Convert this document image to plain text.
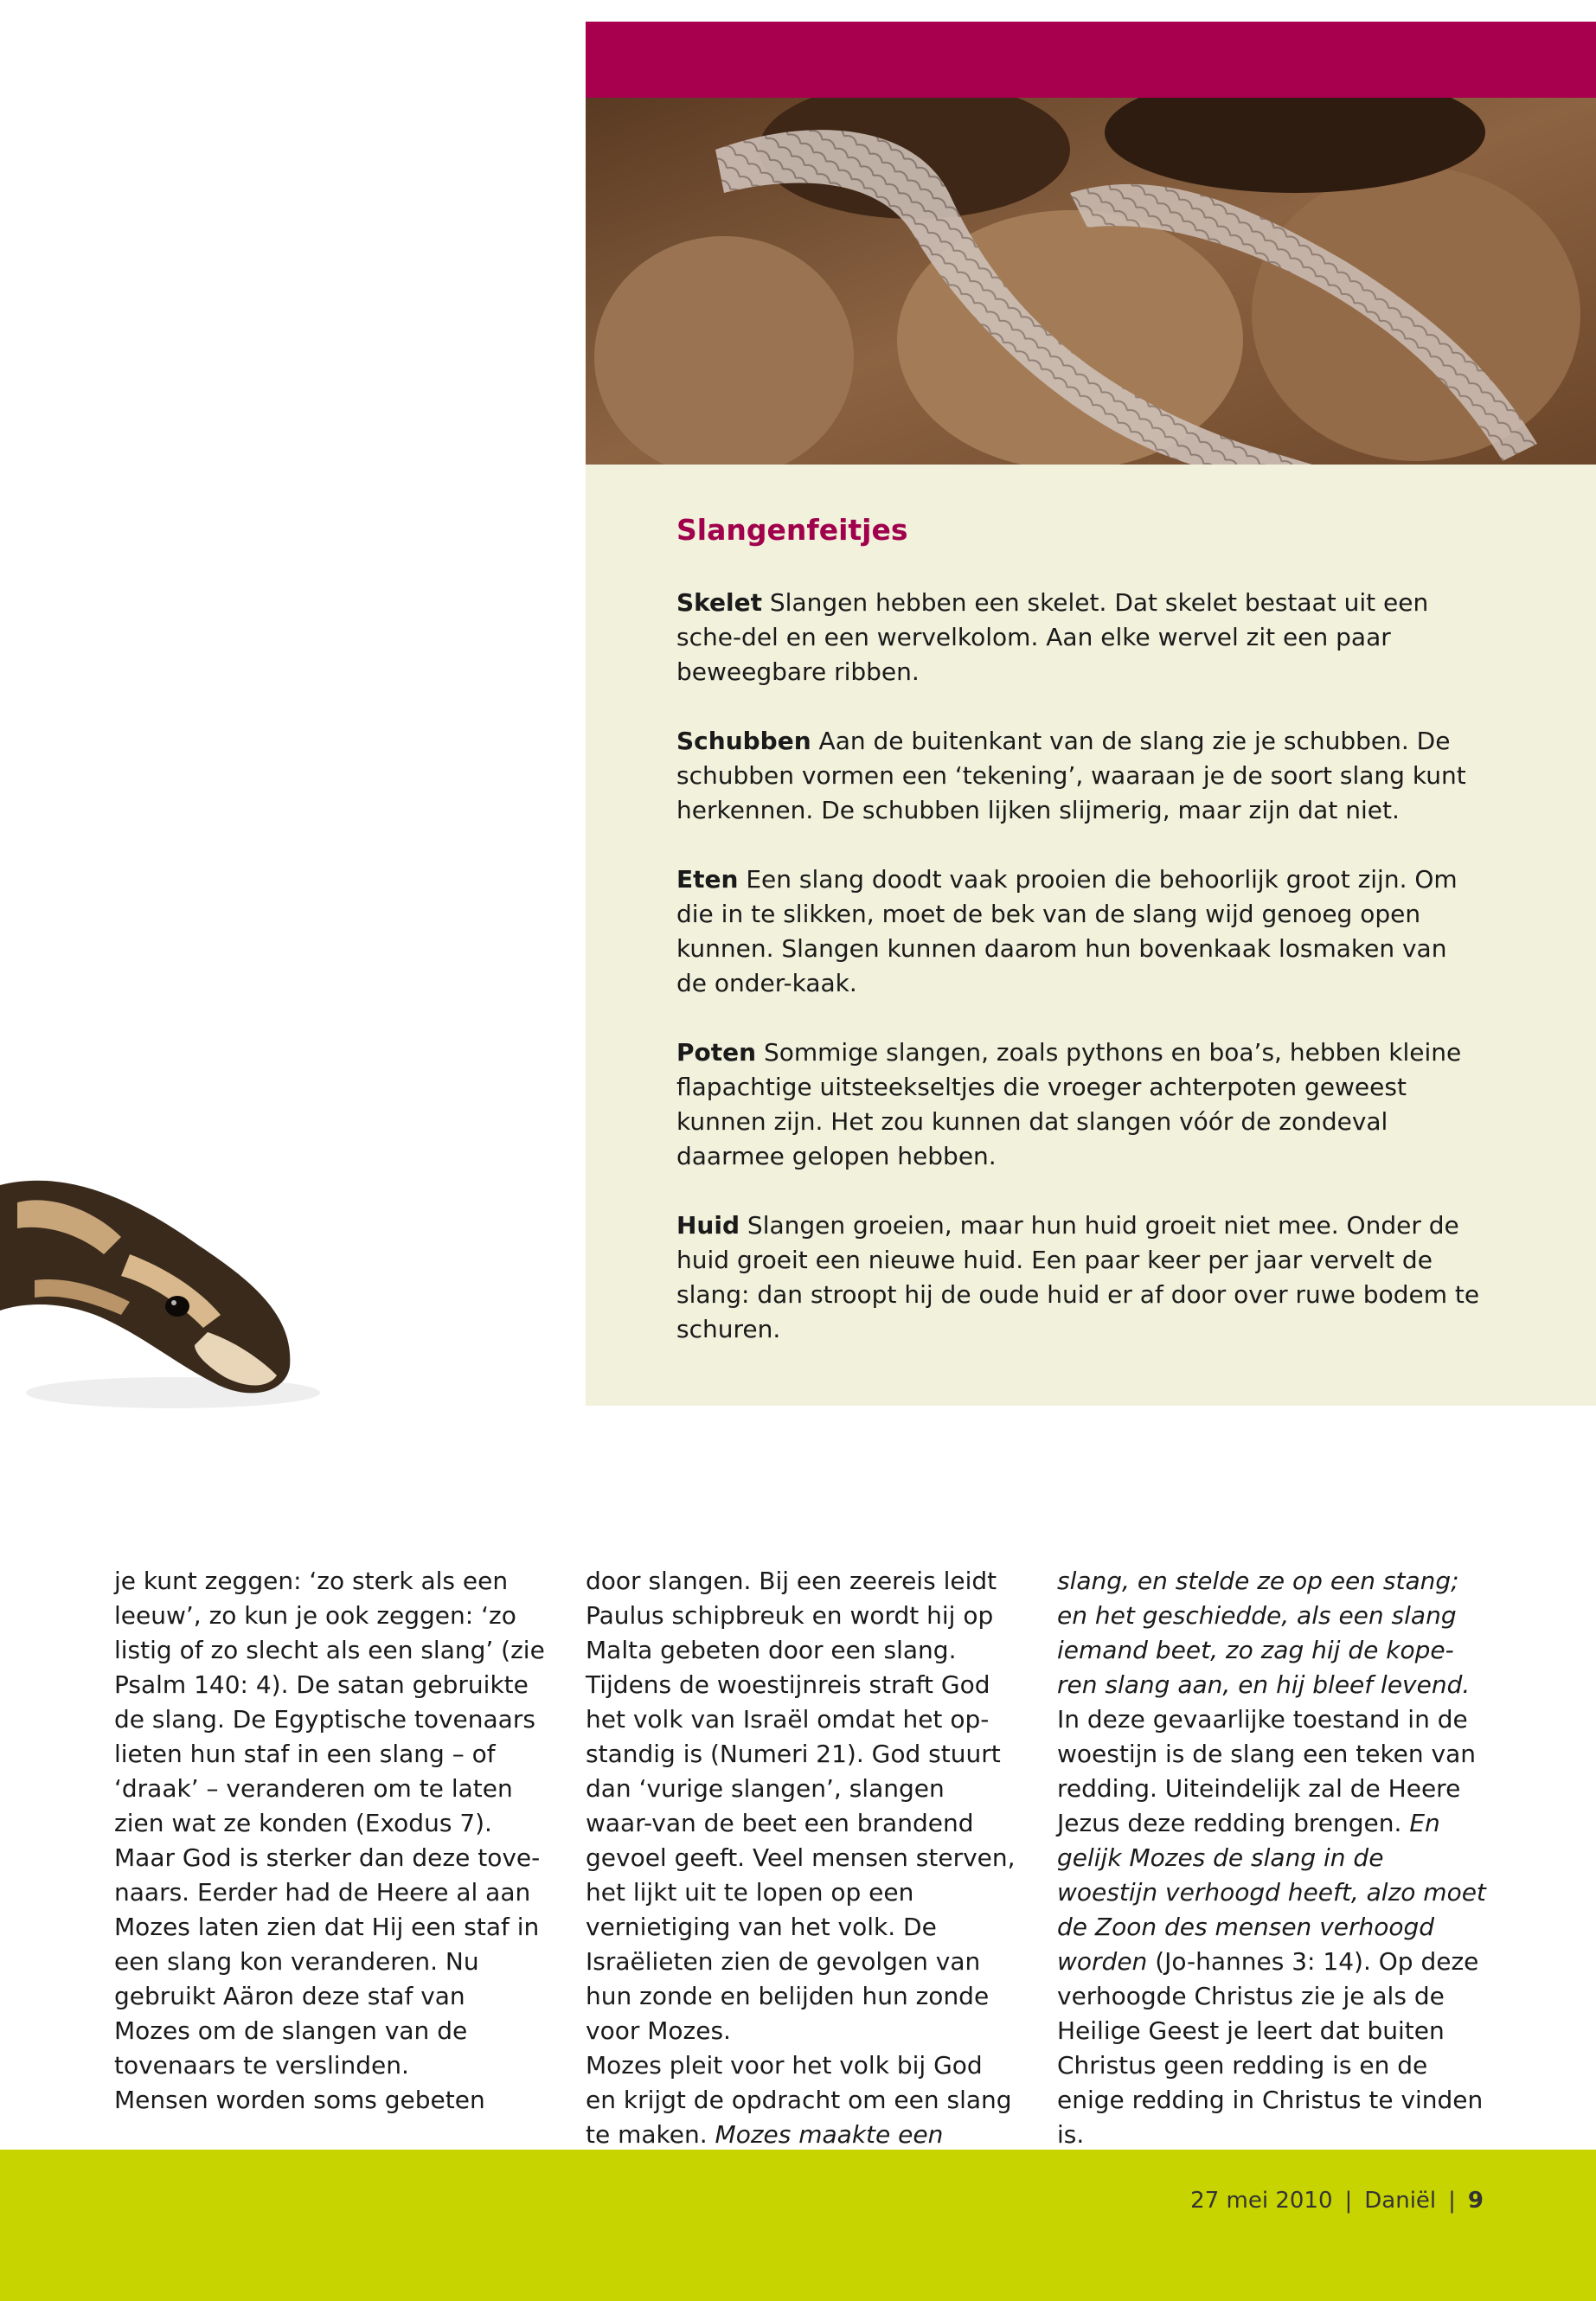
Slangenfeitjes

Skelet Slangen hebben een skelet. Dat skelet bestaat uit een sche-del en een wervelkolom. Aan elke wervel zit een paar beweegbare ribben.

Schubben Aan de buitenkant van de slang zie je schubben. De schubben vormen een ‘tekening’, waaraan je de soort slang kunt herkennen. De schubben lijken slijmerig, maar zijn dat niet.

Eten Een slang doodt vaak prooien die behoorlijk groot zijn. Om die in te slikken, moet de bek van de slang wijd genoeg open kunnen. Slangen kunnen daarom hun bovenkaak losmaken van de onder-kaak.

Poten Sommige slangen, zoals pythons en boa’s, hebben kleine flapachtige uitsteekseltjes die vroeger achterpoten geweest kunnen zijn. Het zou kunnen dat slangen vóór de zondeval daarmee gelopen hebben.

Huid Slangen groeien, maar hun huid groeit niet mee. Onder de huid groeit een nieuwe huid. Een paar keer per jaar vervelt de slang: dan stroopt hij de oude huid er af door over ruwe bodem te schuren.

je kunt zeggen: ‘zo sterk als een leeuw’, zo kun je ook zeggen: ‘zo listig of zo slecht als een slang’ (zie Psalm 140: 4). De satan gebruikte de slang. De Egyptische tovenaars lieten hun staf in een slang – of ‘draak’ – veranderen om te laten zien wat ze konden (Exodus 7). Maar God is sterker dan deze tove-naars. Eerder had de Heere al aan Mozes laten zien dat Hij een staf in een slang kon veranderen. Nu gebruikt Aäron deze staf van Mozes om de slangen van de tovenaars te verslinden.

Mensen worden soms gebeten

door slangen. Bij een zeereis leidt Paulus schipbreuk en wordt hij op Malta gebeten door een slang. Tijdens de woestijnreis straft God het volk van Israël omdat het op-standig is (Numeri 21). God stuurt dan ‘vurige slangen’, slangen waar-van de beet een brandend gevoel geeft. Veel mensen sterven, het lijkt uit te lopen op een vernietiging van het volk. De Israëlieten zien de gevolgen van hun zonde en belijden hun zonde voor Mozes.

Mozes pleit voor het volk bij God en krijgt de opdracht om een slang te maken. Mozes maakte een

slang, en stelde ze op een stang; en het geschiedde, als een slang iemand beet, zo zag hij de kope-ren slang aan, en hij bleef levend. In deze gevaarlijke toestand in de woestijn is de slang een teken van redding. Uiteindelijk zal de Heere Jezus deze redding brengen. En gelijk Mozes de slang in de woestijn verhoogd heeft, alzo moet de Zoon des mensen verhoogd worden (Jo-hannes 3: 14). Op deze verhoogde Christus zie je als de Heilige Geest je leert dat buiten Christus geen redding is en de enige redding in Christus te vinden is.

27 mei 2010 | Daniël | 9
